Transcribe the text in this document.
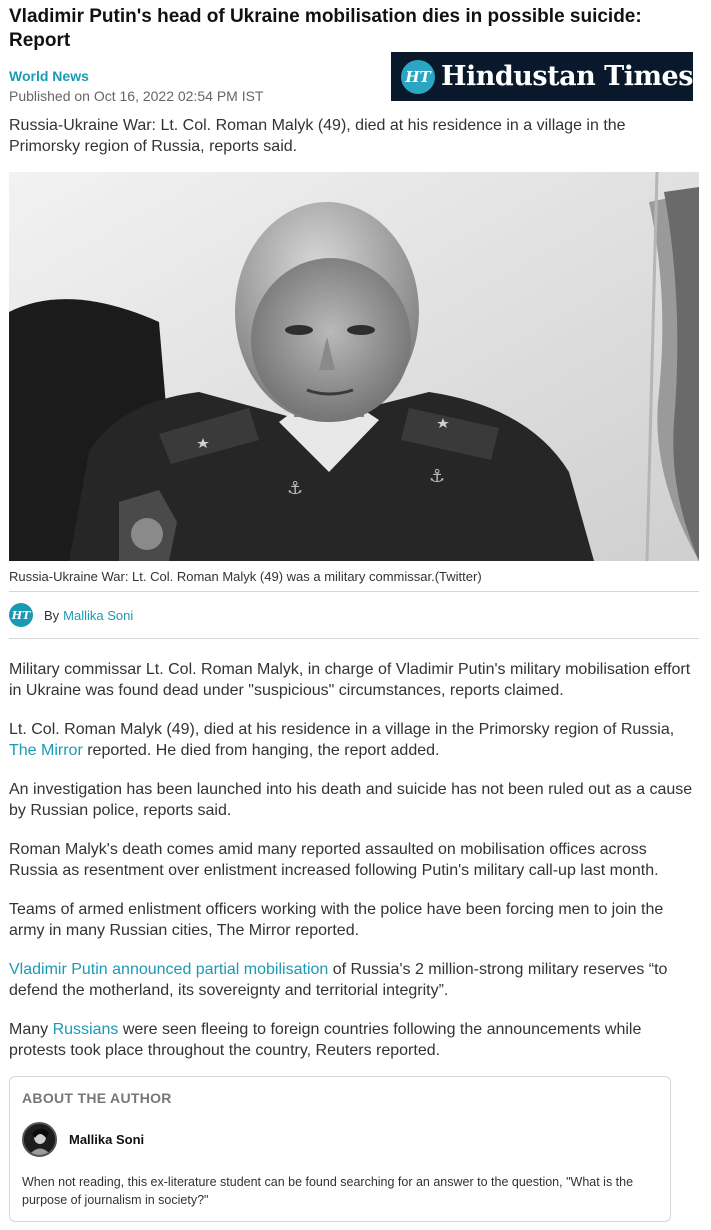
Vladimir Putin's head of Ukraine mobilisation dies in possible suicide: Report
World News
Published on Oct 16, 2022 02:54 PM IST
HT Hindustan Times

Russia-Ukraine War: Lt. Col. Roman Malyk (49), died at his residence in a village in the Primorsky region of Russia, reports said.

⚓
⚓
Russia-Ukraine War: Lt. Col. Roman Malyk (49) was a military commissar.(Twitter)
HT By Mallika Soni

Military commissar Lt. Col. Roman Malyk, in charge of Vladimir Putin's military mobilisation effort in Ukraine was found dead under "suspicious" circumstances, reports claimed.

Lt. Col. Roman Malyk (49), died at his residence in a village in the Primorsky region of Russia, The Mirror reported. He died from hanging, the report added.

An investigation has been launched into his death and suicide has not been ruled out as a cause by Russian police, reports said.

Roman Malyk's death comes amid many reported assaulted on mobilisation offices across Russia as resentment over enlistment increased following Putin's military call-up last month.

Teams of armed enlistment officers working with the police have been forcing men to join the army in many Russian cities, The Mirror reported.

Vladimir Putin announced partial mobilisation of Russia's 2 million-strong military reserves “to defend the motherland, its sovereignty and territorial integrity”.

Many Russians were seen fleeing to foreign countries following the announcements while protests took place throughout the country, Reuters reported.

ABOUT THE AUTHOR
Mallika Soni

When not reading, this ex-literature student can be found searching for an answer to the question, "What is the purpose of journalism in society?"
